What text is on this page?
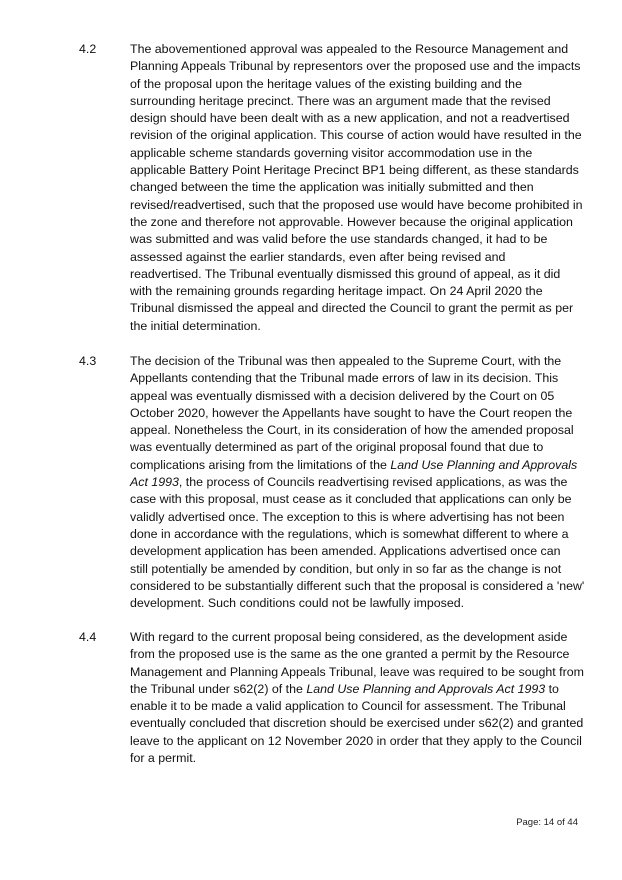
4.2	The abovementioned approval was appealed to the Resource Management and
Planning Appeals Tribunal by representors over the proposed use and the impacts
of the proposal upon the heritage values of the existing building and the
surrounding heritage precinct. There was an argument made that the revised
design should have been dealt with as a new application, and not a readvertised
revision of the original application. This course of action would have resulted in the
applicable scheme standards governing visitor accommodation use in the
applicable Battery Point Heritage Precinct BP1 being different, as these standards
changed between the time the application was initially submitted and then
revised/readvertised, such that the proposed use would have become prohibited in
the zone and therefore not approvable. However because the original application
was submitted and was valid before the use standards changed, it had to be
assessed against the earlier standards, even after being revised and
readvertised. The Tribunal eventually dismissed this ground of appeal, as it did
with the remaining grounds regarding heritage impact. On 24 April 2020 the
Tribunal dismissed the appeal and directed the Council to grant the permit as per
the initial determination.
4.3	The decision of the Tribunal was then appealed to the Supreme Court, with the
Appellants contending that the Tribunal made errors of law in its decision. This
appeal was eventually dismissed with a decision delivered by the Court on 05
October 2020, however the Appellants have sought to have the Court reopen the
appeal. Nonetheless the Court, in its consideration of how the amended proposal
was eventually determined as part of the original proposal found that due to
complications arising from the limitations of the Land Use Planning and Approvals
Act 1993, the process of Councils readvertising revised applications, as was the
case with this proposal, must cease as it concluded that applications can only be
validly advertised once. The exception to this is where advertising has not been
done in accordance with the regulations, which is somewhat different to where a
development application has been amended. Applications advertised once can
still potentially be amended by condition, but only in so far as the change is not
considered to be substantially different such that the proposal is considered a 'new'
development. Such conditions could not be lawfully imposed.
4.4	With regard to the current proposal being considered, as the development aside
from the proposed use is the same as the one granted a permit by the Resource
Management and Planning Appeals Tribunal, leave was required to be sought from
the Tribunal under s62(2) of the Land Use Planning and Approvals Act 1993 to
enable it to be made a valid application to Council for assessment. The Tribunal
eventually concluded that discretion should be exercised under s62(2) and granted
leave to the applicant on 12 November 2020 in order that they apply to the Council
for a permit.
Page: 14 of 44
